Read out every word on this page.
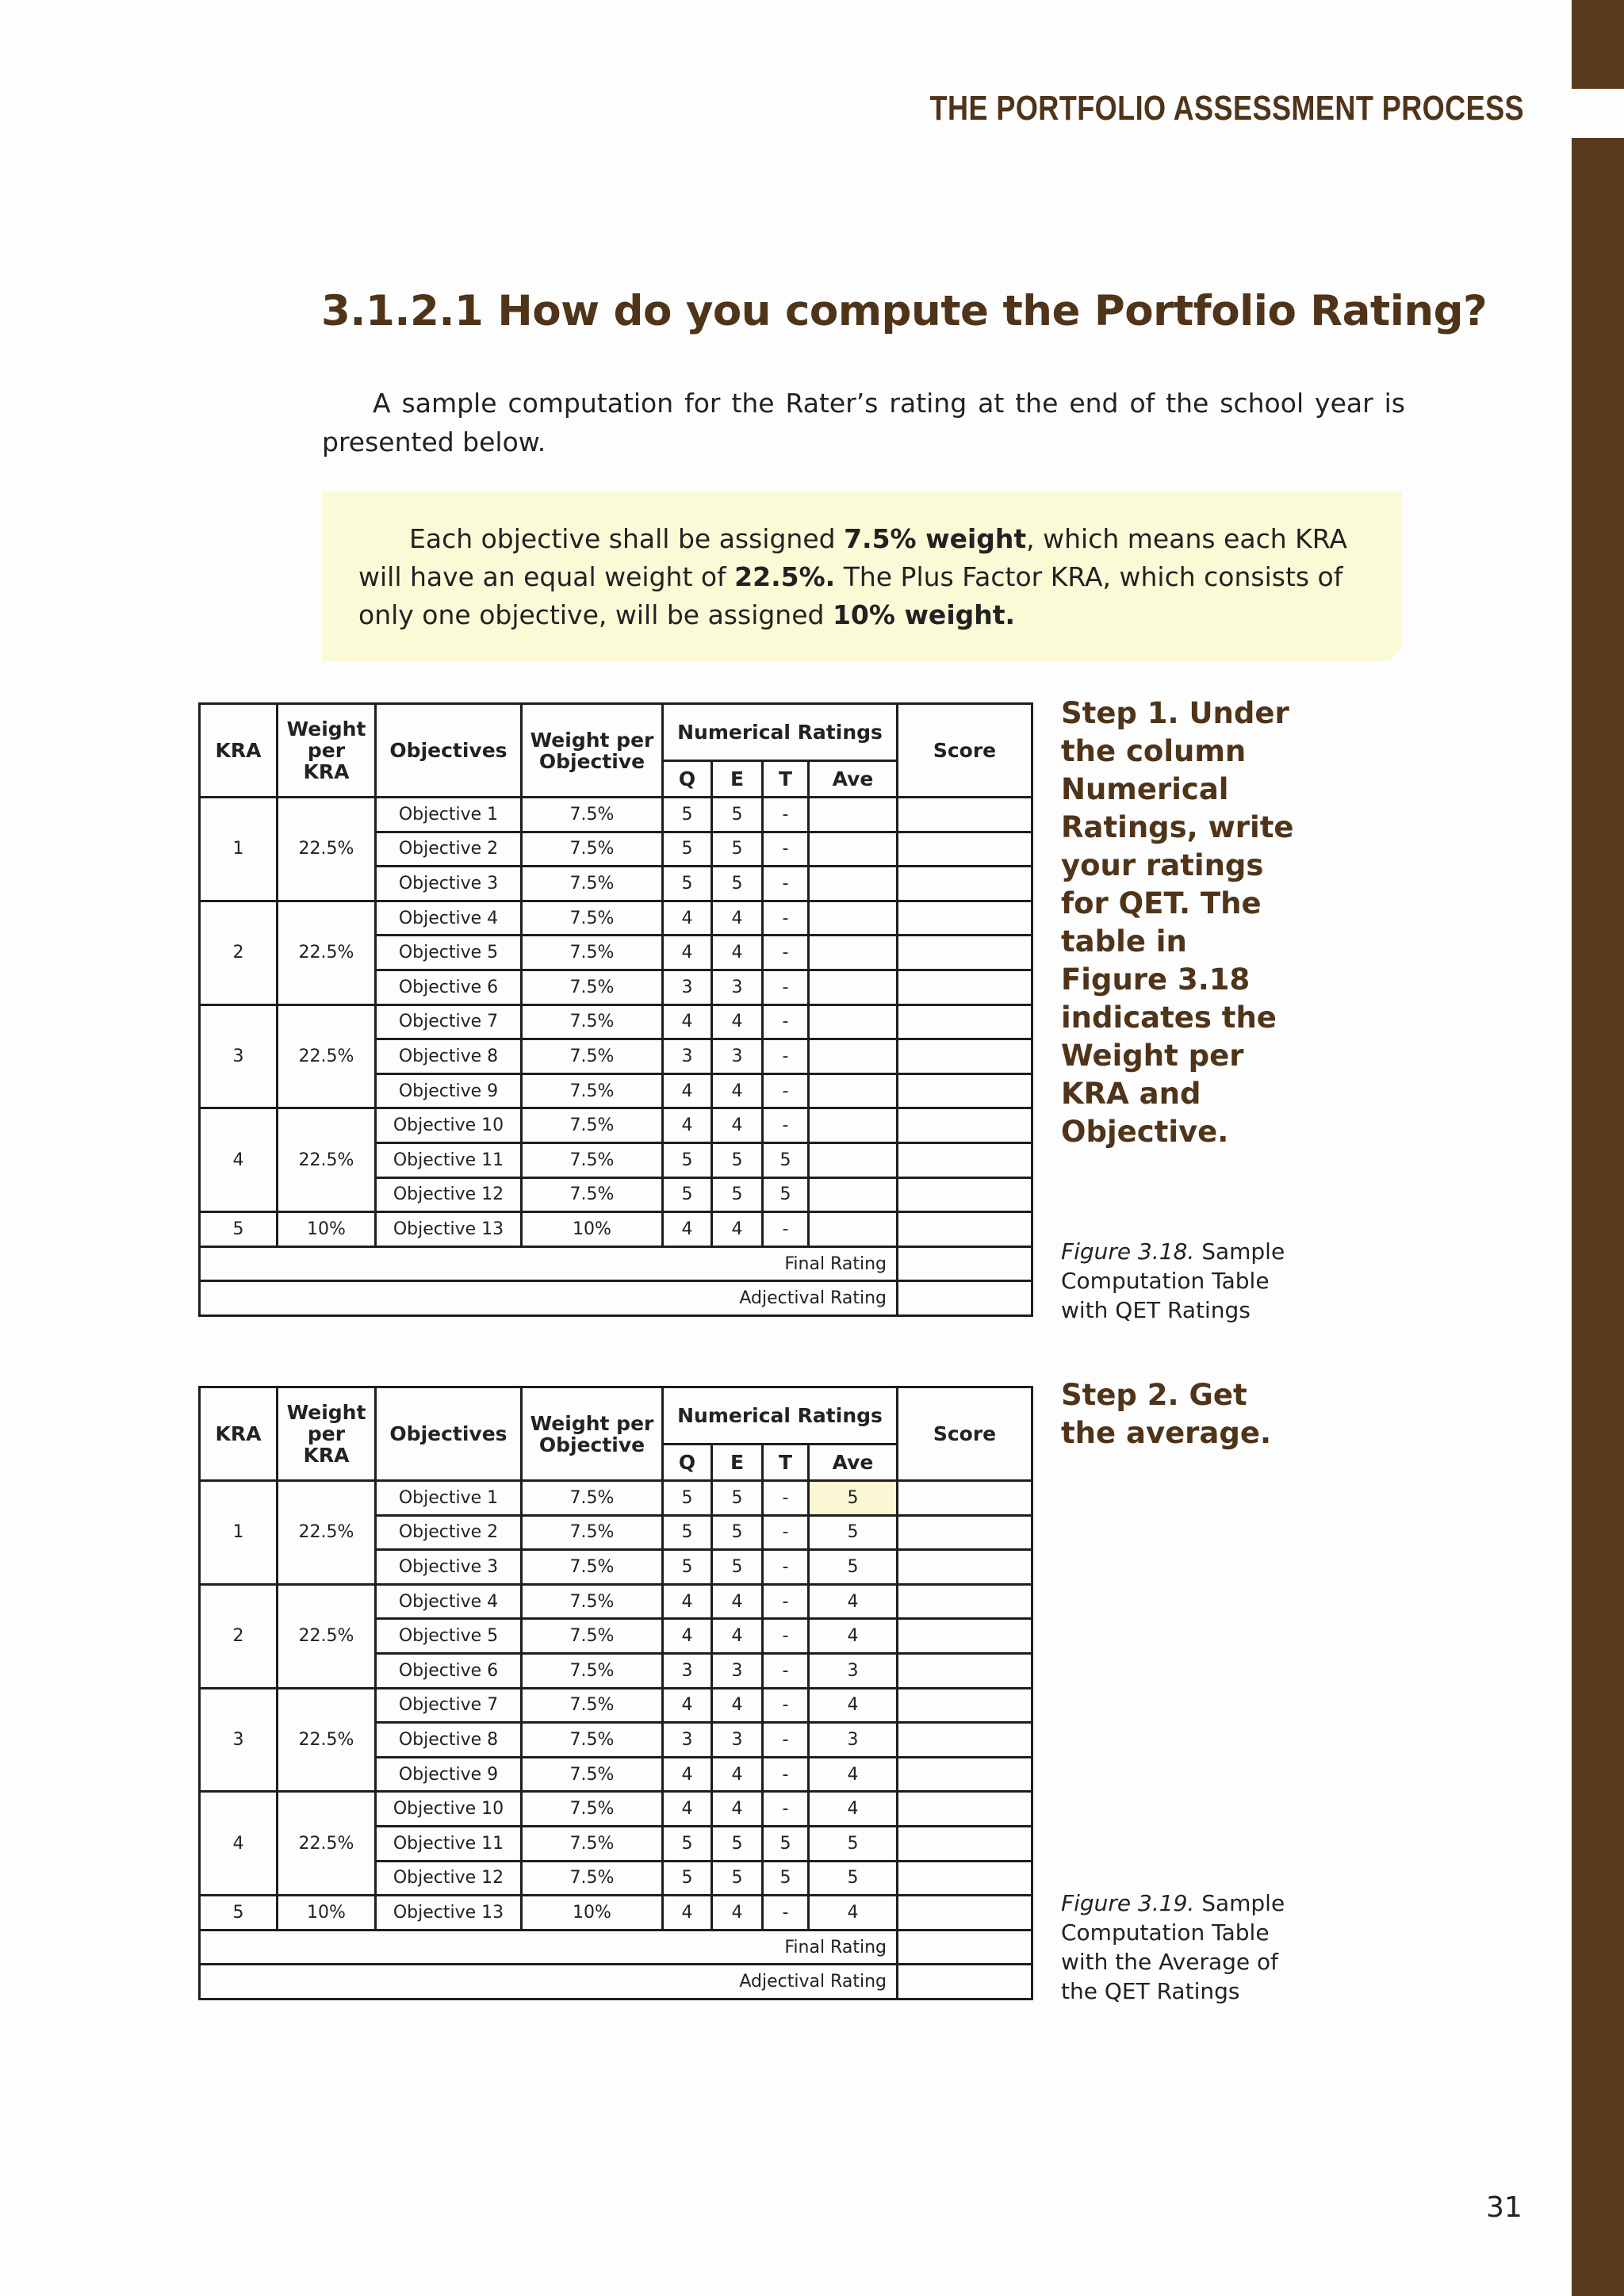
THE PORTFOLIO ASSESSMENT PROCESS
3.1.2.1 How do you compute the Portfolio Rating?

A sample computation for the Rater’s rating at the end of the school year is presented below.

Each objective shall be assigned 7.5% weight, which means each KRA will have an equal weight of 22.5%. The Plus Factor KRA, which consists of only one objective, will be assigned 10% weight.

KRA	Weight per KRA	Objectives	Weight per Objective	Numerical Ratings				Score
				Q	E	T	Ave	
1	22.5%	Objective 1	7.5%	5	5	-		
		Objective 2	7.5%	5	5	-		
		Objective 3	7.5%	5	5	-		
2	22.5%	Objective 4	7.5%	4	4	-		
		Objective 5	7.5%	4	4	-		
		Objective 6	7.5%	3	3	-		
3	22.5%	Objective 7	7.5%	4	4	-		
		Objective 8	7.5%	3	3	-		
		Objective 9	7.5%	4	4	-		
4	22.5%	Objective 10	7.5%	4	4	-		
		Objective 11	7.5%	5	5	5		
		Objective 12	7.5%	5	5	5		
5	10%	Objective 13	10%	4	4	-		
Final Rating								
Adjectival Rating								
Step 1. Under the column Numerical Ratings, write your ratings for QET. The table in Figure 3.18 indicates the Weight per KRA and Objective.
Figure 3.18. Sample Computation Table with QET Ratings
KRA	Weight per KRA	Objectives	Weight per Objective	Numerical Ratings				Score
				Q	E	T	Ave	
1	22.5%	Objective 1	7.5%	5	5	-	5	
		Objective 2	7.5%	5	5	-	5	
		Objective 3	7.5%	5	5	-	5	
2	22.5%	Objective 4	7.5%	4	4	-	4	
		Objective 5	7.5%	4	4	-	4	
		Objective 6	7.5%	3	3	-	3	
3	22.5%	Objective 7	7.5%	4	4	-	4	
		Objective 8	7.5%	3	3	-	3	
		Objective 9	7.5%	4	4	-	4	
4	22.5%	Objective 10	7.5%	4	4	-	4	
		Objective 11	7.5%	5	5	5	5	
		Objective 12	7.5%	5	5	5	5	
5	10%	Objective 13	10%	4	4	-	4	
Final Rating								
Adjectival Rating								
Step 2. Get the average.
Figure 3.19. Sample Computation Table with the Average of the QET Ratings
31
